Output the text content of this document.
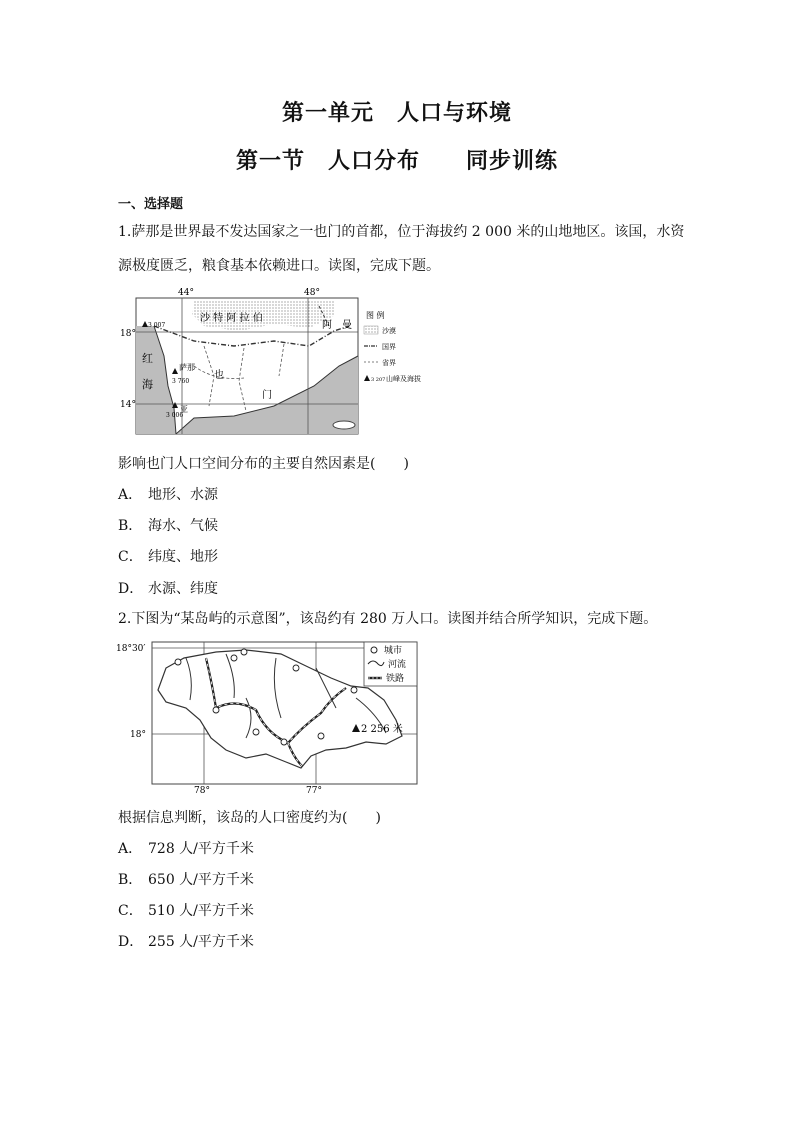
第一单元　人口与环境
第一节　人口分布　　同步训练
一、选择题
1.萨那是世界最不发达国家之一也门的首都，位于海拔约 2 000 米的山地地区。该国，水资
源极度匮乏，粮食基本依赖进口。读图，完成下题。
44°	48°
18°
14°
沙 特 阿 拉 伯
阿　曼
红
海
也
门
萨那
亚
3 007
3 760
3 006
图 例
沙漠
国界
省界
3 207 山峰及海拔
影响也门人口空间分布的主要自然因素是(　　)
A． 地形、水源
B． 海水、气候
C． 纬度、地形
D． 水源、纬度
2.下图为“某岛屿的示意图”，该岛约有 280 万人口。读图并结合所学知识，完成下题。
2 256 米
18°30′
18°
78°	77°
城市
河流
铁路
根据信息判断，该岛的人口密度约为(　　)
A． 728 人/平方千米
B． 650 人/平方千米
C． 510 人/平方千米
D． 255 人/平方千米
